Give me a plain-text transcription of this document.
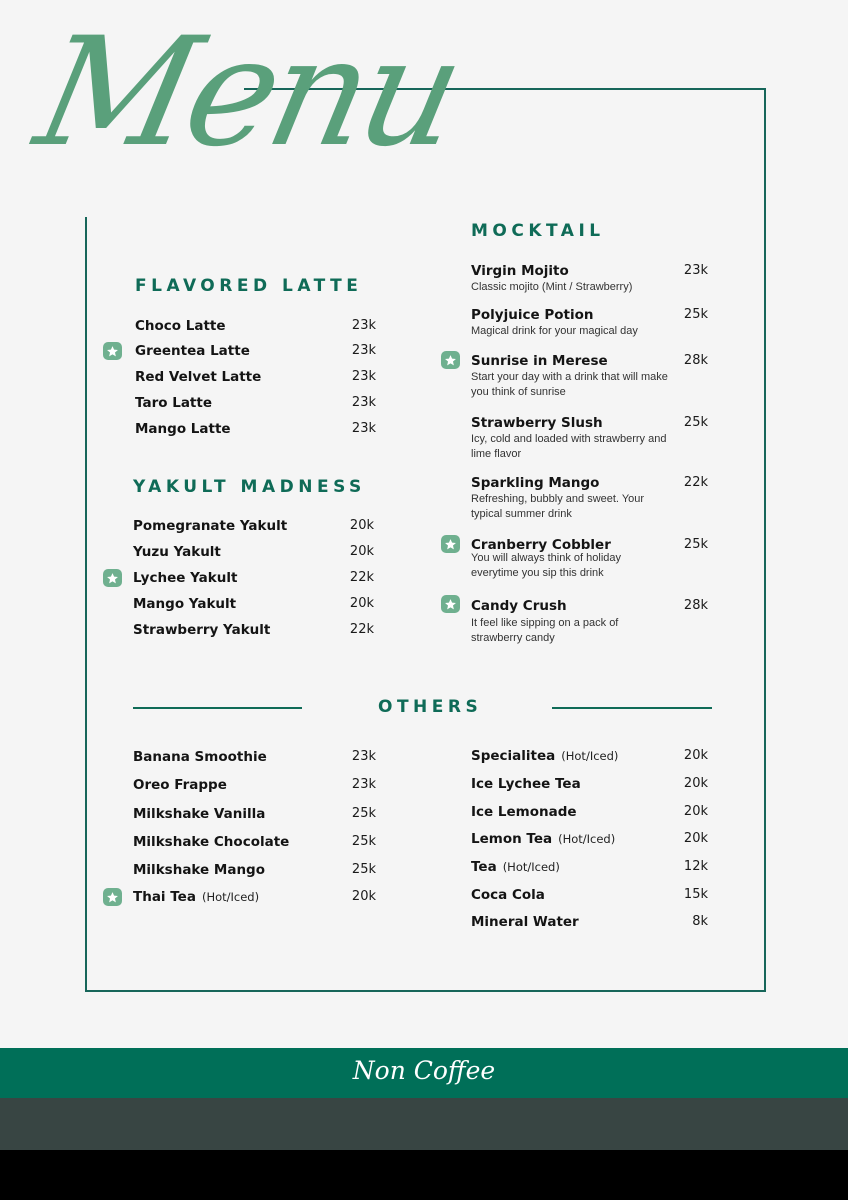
Menu
FLAVORED LATTE
Choco Latte	23k
Greentea Latte	23k
Red Velvet Latte	23k
Taro Latte	23k
Mango Latte	23k
YAKULT MADNESS
Pomegranate Yakult	20k
Yuzu Yakult	20k
Lychee Yakult	22k
Mango Yakult	20k
Strawberry Yakult	22k
MOCKTAIL
Virgin Mojito	23k
Classic mojito (Mint / Strawberry)
Polyjuice Potion	25k
Magical drink for your magical day
Sunrise in Merese	28k
Start your day with a drink that will make you think of sunrise
Strawberry Slush	25k
Icy, cold and loaded with strawberry and lime flavor
Sparkling Mango	22k
Refreshing, bubbly and sweet. Your typical summer drink
Cranberry Cobbler	25k
You will always think of holiday everytime you sip this drink
Candy Crush	28k
It feel like sipping on a pack of strawberry candy
OTHERS
Banana Smoothie	23k
Oreo Frappe	23k
Milkshake Vanilla	25k
Milkshake Chocolate	25k
Milkshake Mango	25k
Thai Tea (Hot/Iced)	20k
Specialitea (Hot/Iced)	20k
Ice Lychee Tea	20k
Ice Lemonade	20k
Lemon Tea (Hot/Iced)	20k
Tea (Hot/Iced)	12k
Coca Cola	15k
Mineral Water	8k
Non Coffee
